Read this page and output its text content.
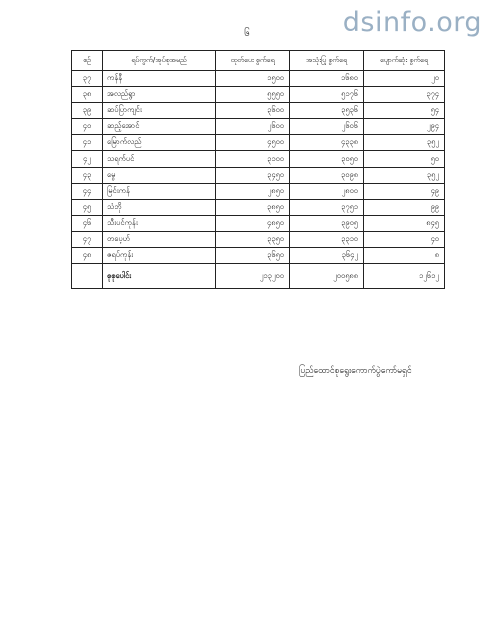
၆	dsinfo.org
စဉ်	ရပ်ကွက်/အုပ်စုအမည်	ထုတ်ပေး စွက်ရေ	အသုံးပြု စွက်ရေ	ပျောက်ဆုံး စွက်ရေ
၃၇	ကန်နီ	၁၅၀၀	၁၆၈၀	၂၀
၃၈	အလည်ရွာ	၅၅၅၀	၅၁၇၆	၃၇၄
၃၉	ဆပ်ပြာကျင်း	၃၆၀၀	၃၅၃၆	၅၄
၄၀	ဆည့်အောင်	၂၆၀၀	၂၆၀၆	၂၉၄
၄၁	မြောက်လည်	၄၅၀၀	၄၃၃၈	၃၅၂
၄၂	သရက်ပင်	၃၁၀၀	၃၀၅၀	၅၀
၄၃	မွေ	၃၄၅၀	၃၀၉၈	၃၅၂
၄၄	မြင်းကန်	၂၈၅၀	၂၈၀၀	၄၉
၄၅	သံဘို	၃၈၅၀	၃၇၅၁	၉၉
၄၆	သီးပင်ကုန်း	၄၈၅၀	၃၉၀၅	၈၄၅
၄၇	တပေ့ဟ်	၃၃၅၀	၃၃၁၀	၄၀
၄၈	ဇရပ်ကုန်း	၃၆၅၀	၃၆၄၂	၈
	စုစုပေါင်း	၂၁၃၂၀၀	၂၀၀၅၈၈	၁၂၆၁၂
ပြည်ထောင်စုရွေးကောက်ပွဲကော်မရှင်
